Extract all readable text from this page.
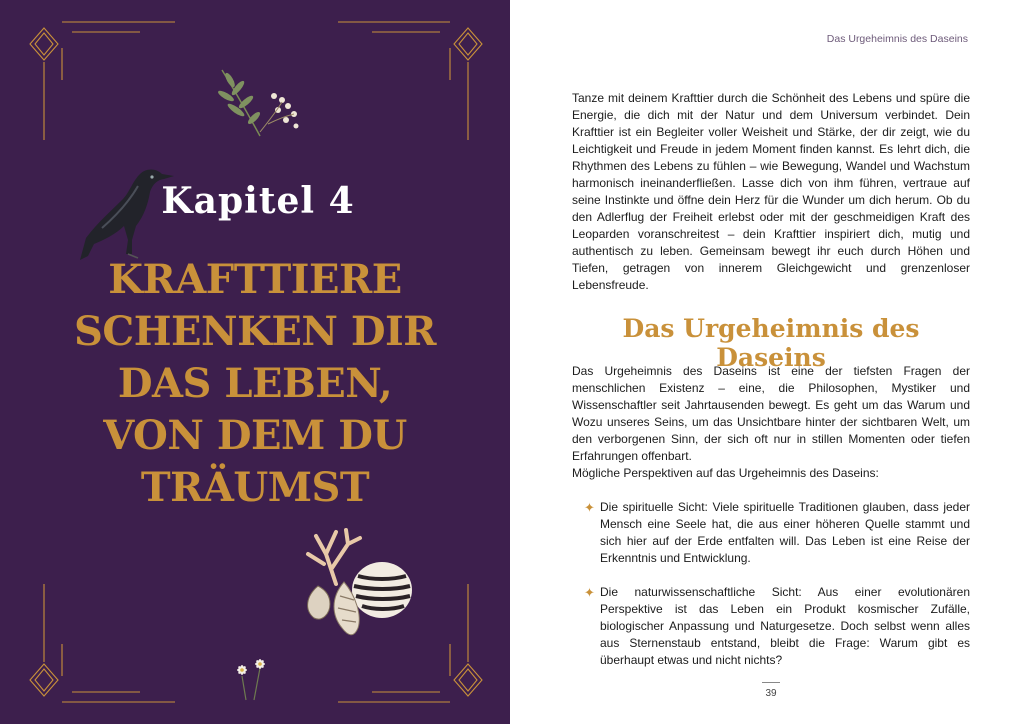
Kapitel 4
KRAFTTIERE
SCHENKEN DIR
DAS LEBEN,
VON DEM DU
TRÄUMST

Das Urgeheimnis des Daseins

Tanze mit deinem Krafttier durch die Schönheit des Lebens und spüre die Energie, die dich mit der Natur und dem Universum verbindet. Dein Krafttier ist ein Begleiter voller Weisheit und Stärke, der dir zeigt, wie du Leichtigkeit und Freude in jedem Moment finden kannst. Es lehrt dich, die Rhythmen des Lebens zu fühlen – wie Bewegung, Wandel und Wachstum harmonisch ineinanderfließen. Lasse dich von ihm führen, vertraue auf seine Instinkte und öffne dein Herz für die Wunder um dich herum. Ob du den Adlerflug der Freiheit erlebst oder mit der geschmeidigen Kraft des Leoparden voranschreitest – dein Krafttier inspiriert dich, mutig und authentisch zu leben. Gemeinsam bewegt ihr euch durch Höhen und Tiefen, getragen von innerem Gleichgewicht und grenzenloser Lebensfreude.

Das Urgeheimnis des Daseins

Das Urgeheimnis des Daseins ist eine der tiefsten Fragen der menschlichen Existenz – eine, die Philosophen, Mystiker und Wissenschaftler seit Jahrtausenden bewegt. Es geht um das Warum und Wozu unseres Seins, um das Unsichtbare hinter der sichtbaren Welt, um den verborgenen Sinn, der sich oft nur in stillen Momenten oder tiefen Erfahrungen offenbart.

Mögliche Perspektiven auf das Urgeheimnis des Daseins:

✦ Die spirituelle Sicht: Viele spirituelle Traditionen glauben, dass jeder Mensch eine Seele hat, die aus einer höheren Quelle stammt und sich hier auf der Erde entfalten will. Das Leben ist eine Reise der Erkenntnis und Entwicklung.
✦ Die naturwissenschaftliche Sicht: Aus einer evolutionären Perspektive ist das Leben ein Produkt kosmischer Zufälle, biologischer Anpassung und Naturgesetze. Doch selbst wenn alles aus Sternenstaub entstand, bleibt die Frage: Warum gibt es überhaupt etwas und nicht nichts?

39
